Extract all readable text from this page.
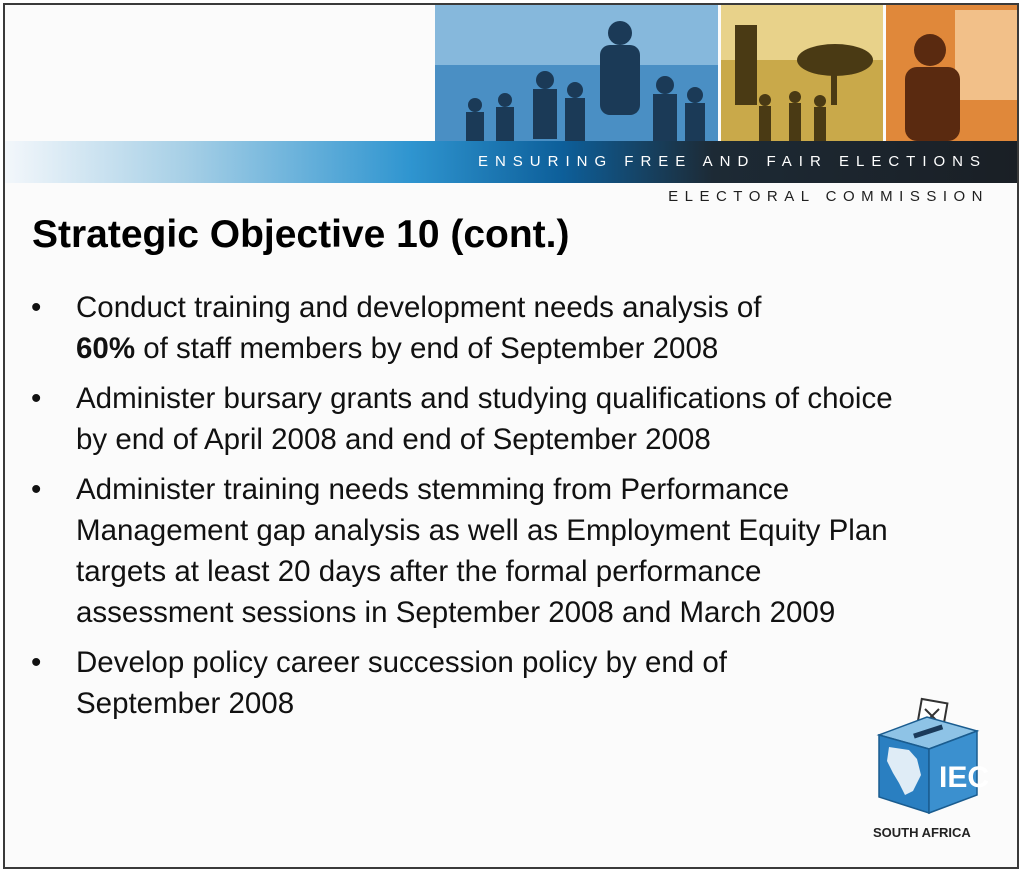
ENSURING FREE AND FAIR ELECTIONS
ELECTORAL COMMISSION
Strategic Objective 10 (cont.)
• Conduct training and development needs analysis of
60% of staff members by end of September 2008
• Administer bursary grants and studying qualifications of choice by end of April 2008 and end of September 2008
• Administer training needs stemming from Performance Management gap analysis as well as Employment Equity Plan targets at least 20 days after the formal performance assessment sessions in September 2008 and March 2009
• Develop policy career succession policy by end of September 2008
IEC
SOUTH AFRICA
